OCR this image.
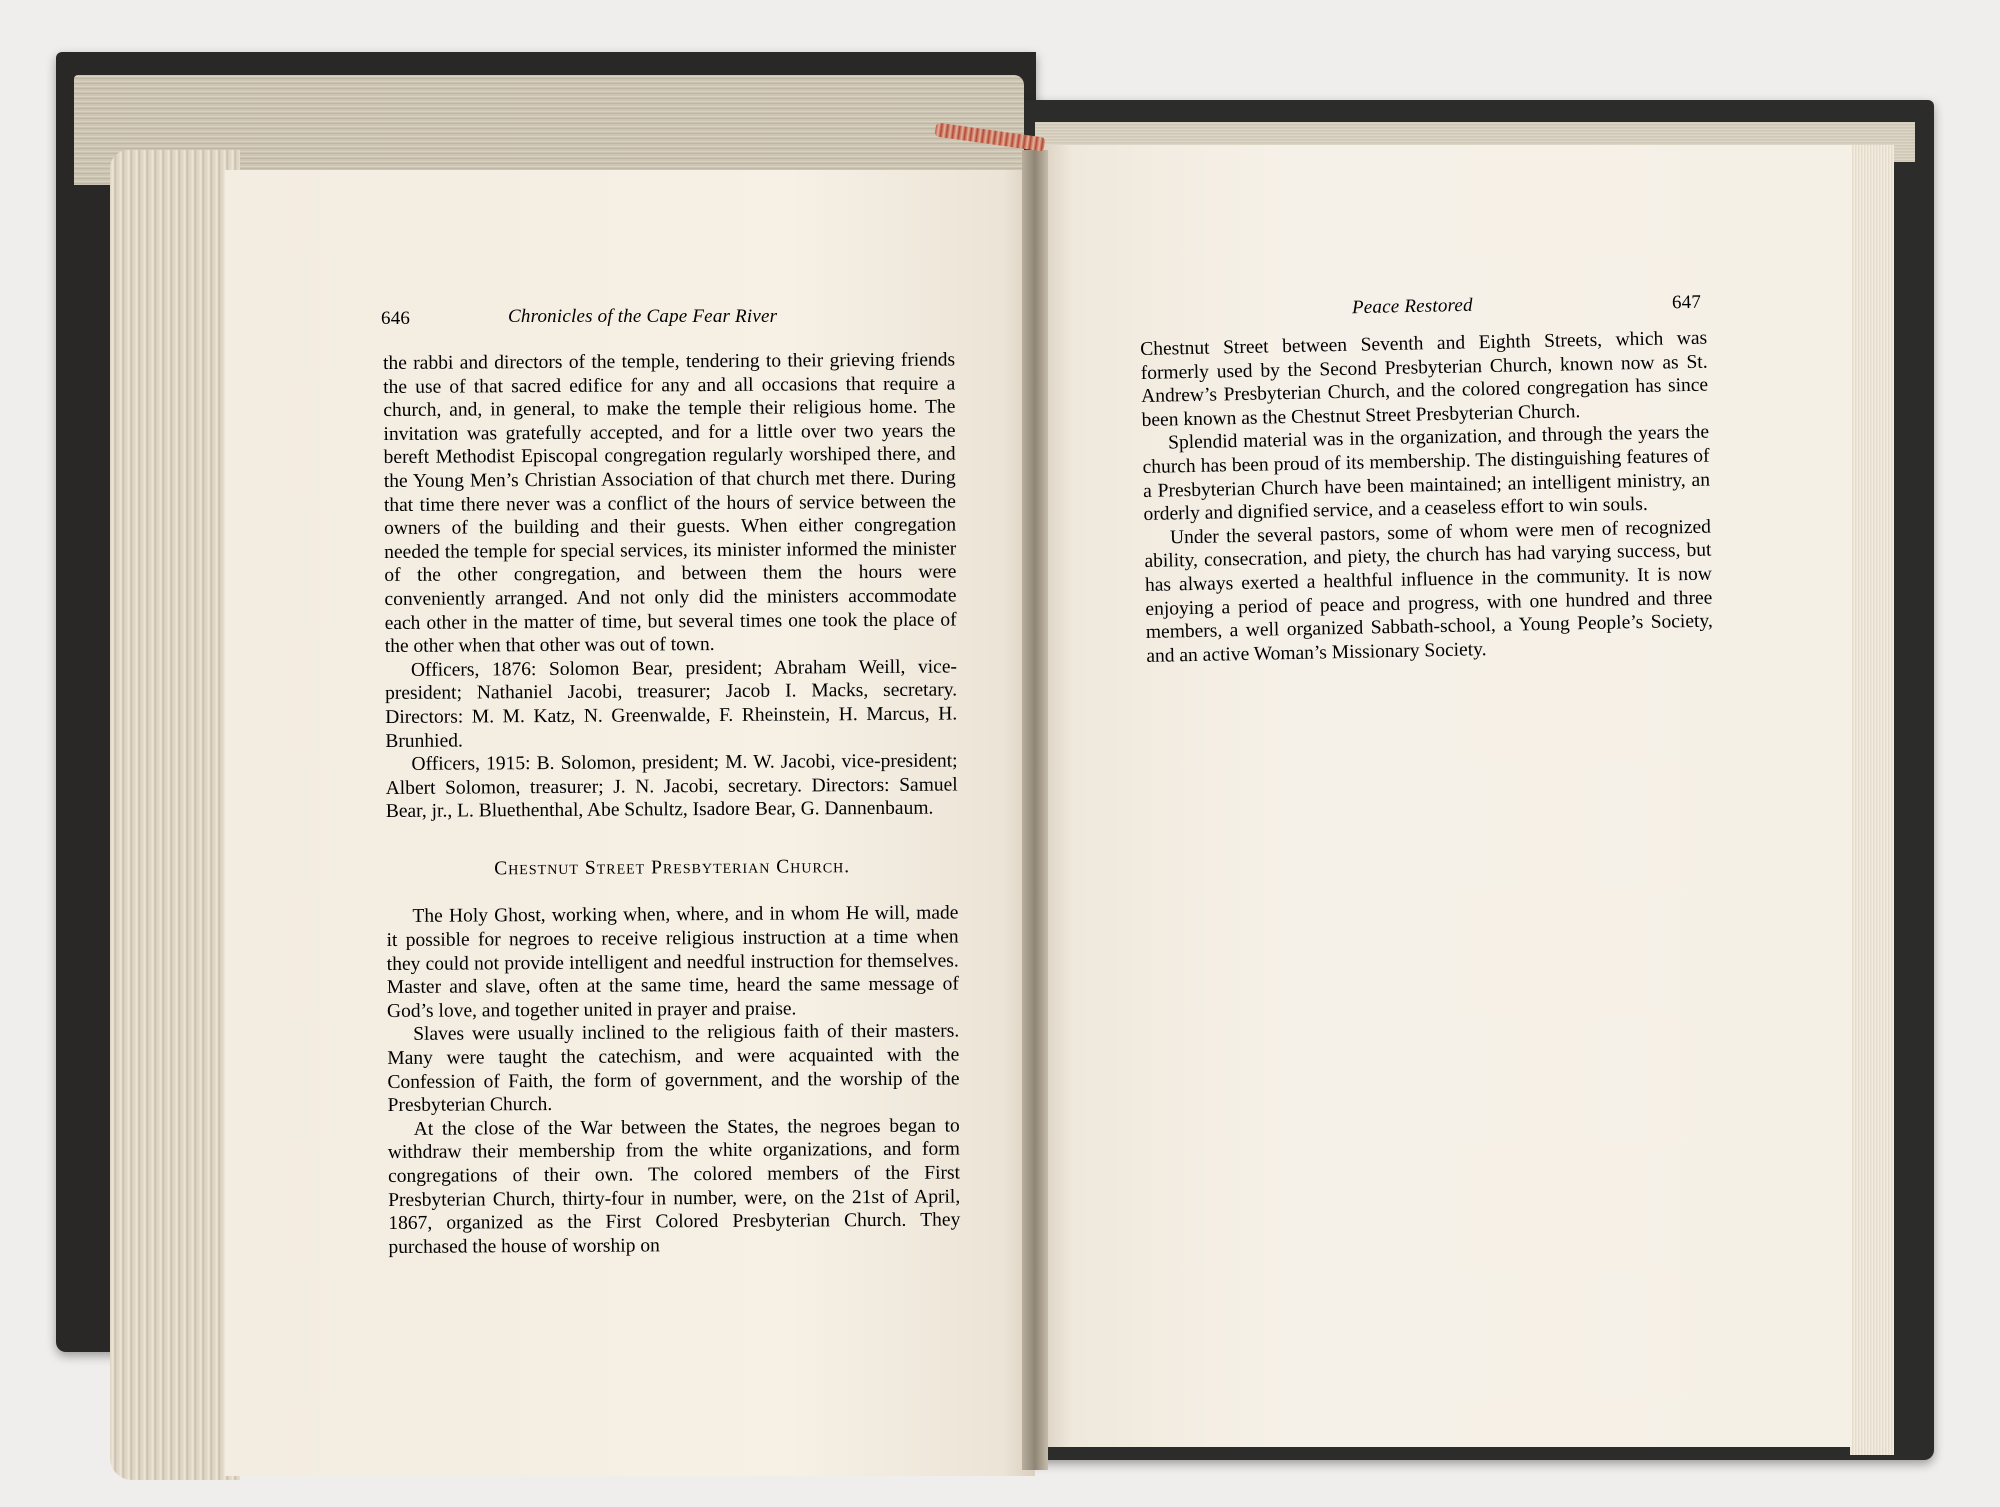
646	Chronicles of the Cape Fear River	Peace Restored	647

the rabbi and directors of the temple, tendering to their grieving friends the use of that sacred edifice for any and all occasions that require a church, and, in general, to make the temple their religious home. The invitation was gratefully accepted, and for a little over two years the bereft Methodist Episcopal congregation regularly worshiped there, and the Young Men’s Christian Association of that church met there. During that time there never was a conflict of the hours of service between the owners of the building and their guests. When either congregation needed the temple for special services, its minister informed the minister of the other congregation, and between them the hours were conveniently arranged. And not only did the ministers accommodate each other in the matter of time, but several times one took the place of the other when that other was out of town.

Officers, 1876: Solomon Bear, president; Abraham Weill, vice-president; Nathaniel Jacobi, treasurer; Jacob I. Macks, secretary. Directors: M. M. Katz, N. Greenwalde, F. Rheinstein, H. Marcus, H. Brunhied.

Officers, 1915: B. Solomon, president; M. W. Jacobi, vice-president; Albert Solomon, treasurer; J. N. Jacobi, secretary. Directors: Samuel Bear, jr., L. Bluethenthal, Abe Schultz, Isadore Bear, G. Dannenbaum.

Chestnut Street Presbyterian Church.

The Holy Ghost, working when, where, and in whom He will, made it possible for negroes to receive religious instruction at a time when they could not provide intelligent and needful instruction for themselves. Master and slave, often at the same time, heard the same message of God’s love, and together united in prayer and praise.

Slaves were usually inclined to the religious faith of their masters. Many were taught the catechism, and were acquainted with the Confession of Faith, the form of government, and the worship of the Presbyterian Church.

At the close of the War between the States, the negroes began to withdraw their membership from the white organizations, and form congregations of their own. The colored members of the First Presbyterian Church, thirty-four in number, were, on the 21st of April, 1867, organized as the First Colored Presbyterian Church. They purchased the house of worship on

Chestnut Street between Seventh and Eighth Streets, which was formerly used by the Second Presbyterian Church, known now as St. Andrew’s Presbyterian Church, and the colored congregation has since been known as the Chestnut Street Presbyterian Church.

Splendid material was in the organization, and through the years the church has been proud of its membership. The distinguishing features of a Presbyterian Church have been maintained; an intelligent ministry, an orderly and dignified service, and a ceaseless effort to win souls.

Under the several pastors, some of whom were men of recognized ability, consecration, and piety, the church has had varying success, but has always exerted a healthful influence in the community. It is now enjoying a period of peace and progress, with one hundred and three members, a well organized Sabbath-school, a Young People’s Society, and an active Woman’s Missionary Society.
